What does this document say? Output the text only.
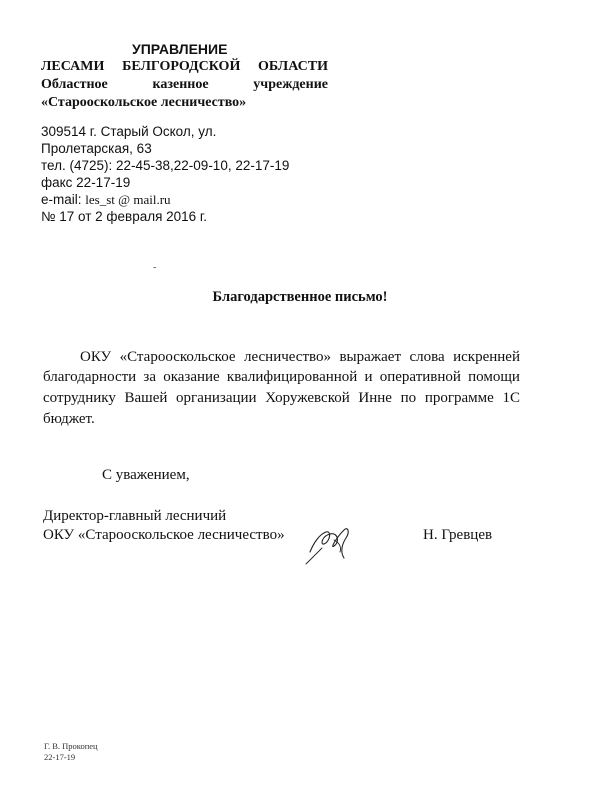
УПРАВЛЕНИЕ
ЛЕСАМИ БЕЛГОРОДСКОЙ ОБЛАСТИ
Областное	казенное	учреждение
«Старооскольское лесничество»
309514 г. Старый Оскол, ул.
Пролетарская, 63
тел. (4725): 22-45-38,22-09-10, 22-17-19
факс 22-17-19
e-mail: les_st @ mail.ru
№ 17 от 2 февраля 2016 г.
-
Благодарственное письмо!
ОКУ «Старооскольское лесничество» выражает слова искренней
благодарности за оказание квалифицированной и оперативной помощи
сотруднику Вашей организации Хоружевской Инне по программе 1С
бюджет.
С уважением,
Директор-главный лесничий
ОКУ «Старооскольское лесничество»	Н. Гревцев
Г. В. Прокопец
22-17-19
